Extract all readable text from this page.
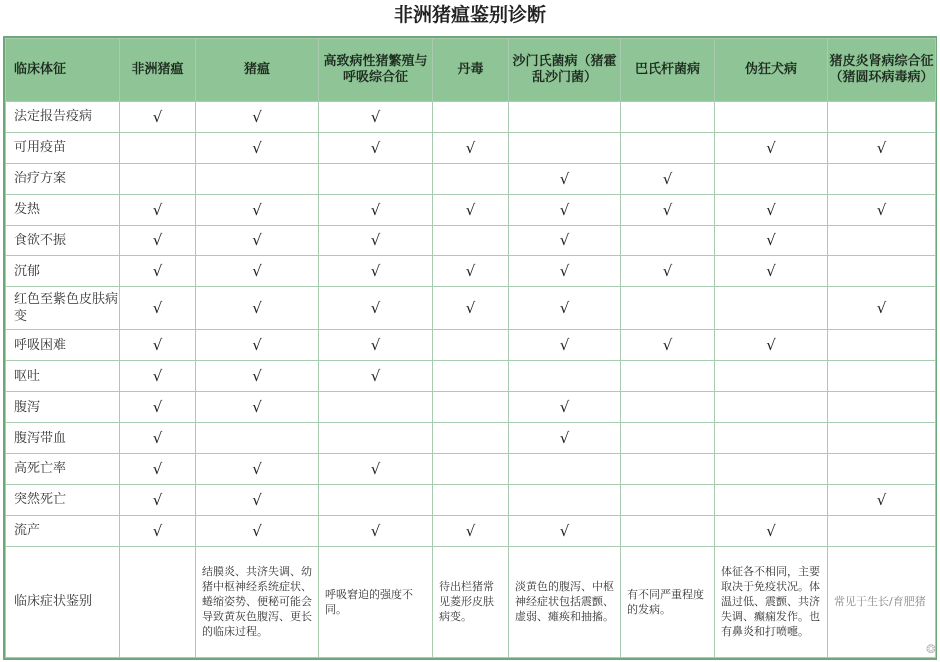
非洲猪瘟鉴别诊断
临床体征	非洲猪瘟	猪瘟	高致病性猪繁殖与呼吸综合征	丹毒	沙门氏菌病（猪霍乱沙门菌）	巴氏杆菌病	伪狂犬病	猪皮炎肾病综合征（猪圆环病毒病）
法定报告疫病	√	√	√					
可用疫苗		√	√	√			√	√
治疗方案					√	√		
发热	√	√	√	√	√	√	√	√
食欲不振	√	√	√		√		√	
沉郁	√	√	√	√	√	√	√	
红色至紫色皮肤病变	√	√	√	√	√			√
呼吸困难	√	√	√		√	√	√	
呕吐	√	√	√					
腹泻	√	√			√			
腹泻带血	√				√			
高死亡率	√	√	√					
突然死亡	√	√						√
流产	√	√	√	√	√		√	
临床症状鉴别		结膜炎、共济失调、幼猪中枢神经系统症状、蜷缩姿势、便秘可能会导致黄灰色腹泻、更长的临床过程。	呼吸窘迫的强度不同。	待出栏猪常见菱形皮肤病变。	淡黄色的腹泻、中枢神经症状包括震颤、虚弱、瘫痪和抽搐。	有不同严重程度的发病。	体征各不相同，主要取决于免疫状况。体温过低、震颤、共济失调、癫痫发作。也有鼻炎和打喷嚏。	常见于生长/育肥猪
❂
